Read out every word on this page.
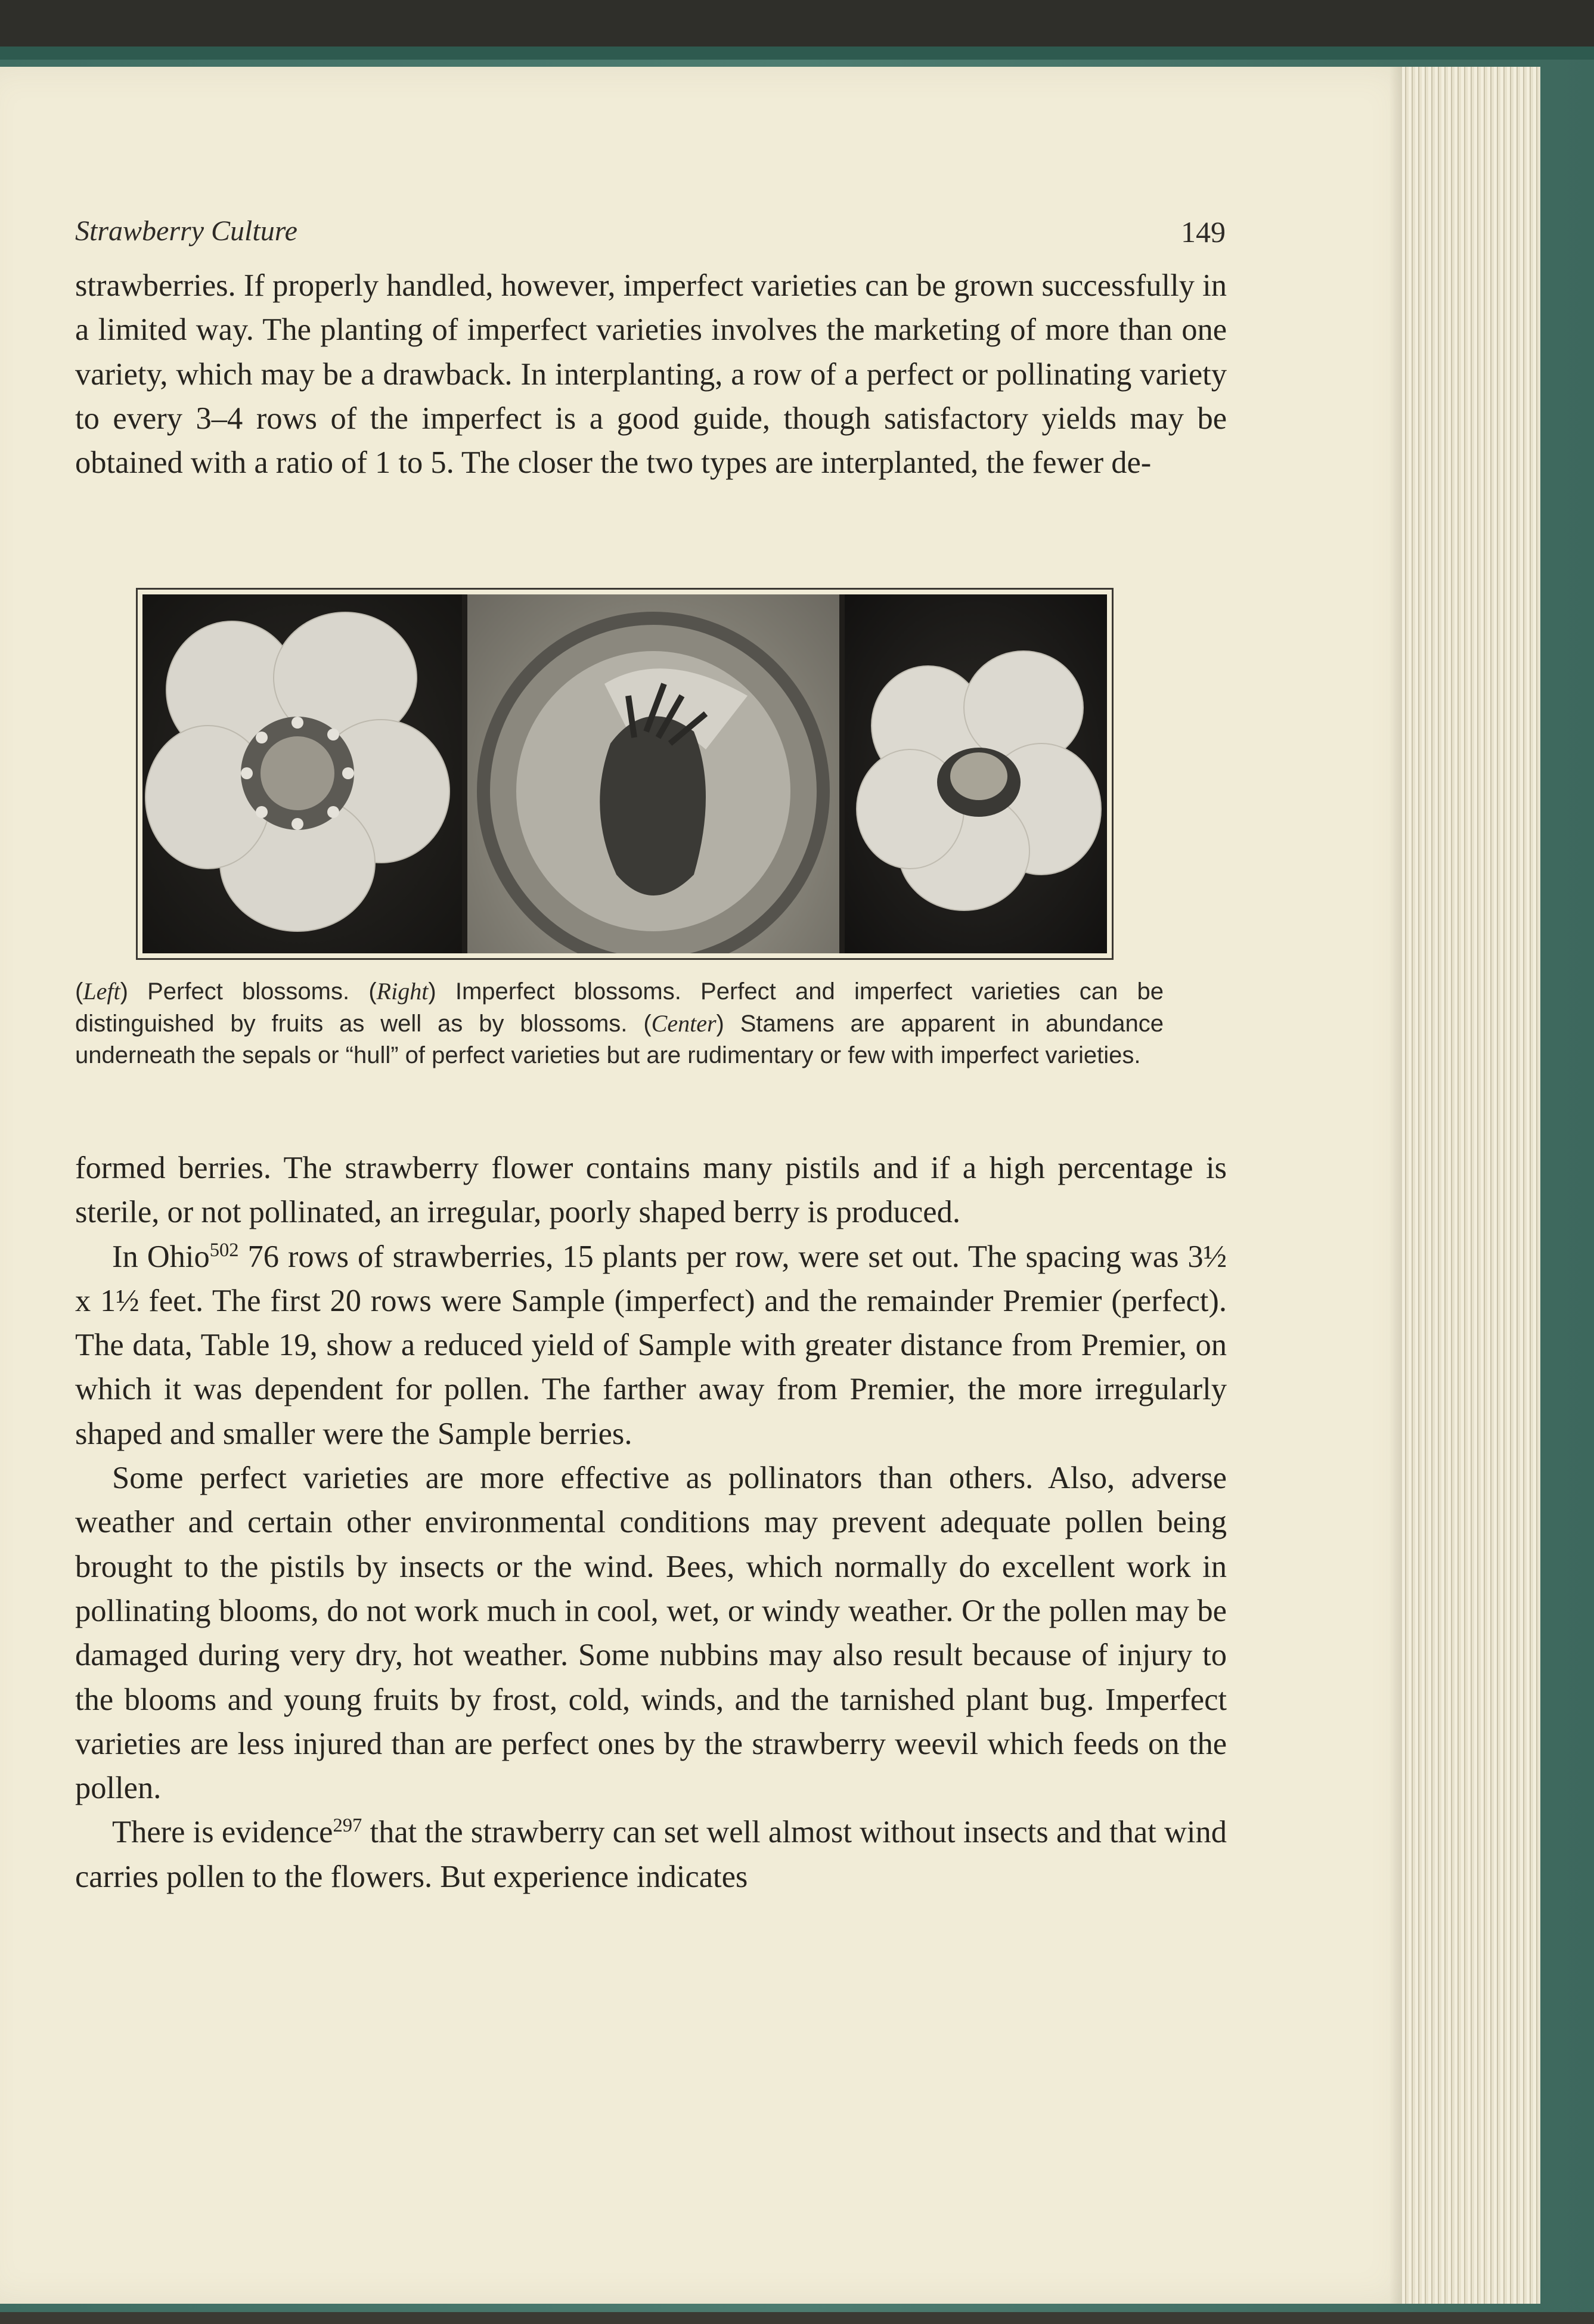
Strawberry Culture	149

strawberries. If properly handled, however, imperfect varieties can be grown successfully in a limited way. The planting of imperfect varieties involves the marketing of more than one variety, which may be a drawback. In interplanting, a row of a perfect or pollinating variety to every 3–4 rows of the imperfect is a good guide, though satisfactory yields may be obtained with a ratio of 1 to 5. The closer the two types are interplanted, the fewer de-

(Left) Perfect blossoms. (Right) Imperfect blossoms. Perfect and imperfect varieties can be distinguished by fruits as well as by blossoms. (Center) Stamens are apparent in abundance underneath the sepals or “hull” of perfect varieties but are rudimentary or few with imperfect varieties.

formed berries. The strawberry flower contains many pistils and if a high percentage is sterile, or not pollinated, an irregular, poorly shaped berry is produced.

In Ohio$^{502}$ 76 rows of strawberries, 15 plants per row, were set out. The spacing was 3½ x 1½ feet. The first 20 rows were Sample (imperfect) and the remainder Premier (perfect). The data, Table 19, show a reduced yield of Sample with greater distance from Premier, on which it was dependent for pollen. The farther away from Premier, the more irregularly shaped and smaller were the Sample berries.

Some perfect varieties are more effective as pollinators than others. Also, adverse weather and certain other environmental conditions may prevent adequate pollen being brought to the pistils by insects or the wind. Bees, which normally do excellent work in pollinating blooms, do not work much in cool, wet, or windy weather. Or the pollen may be damaged during very dry, hot weather. Some nubbins may also result because of injury to the blooms and young fruits by frost, cold, winds, and the tarnished plant bug. Imperfect varieties are less injured than are perfect ones by the strawberry weevil which feeds on the pollen.

There is evidence$^{297}$ that the strawberry can set well almost without insects and that wind carries pollen to the flowers. But experience indicates
